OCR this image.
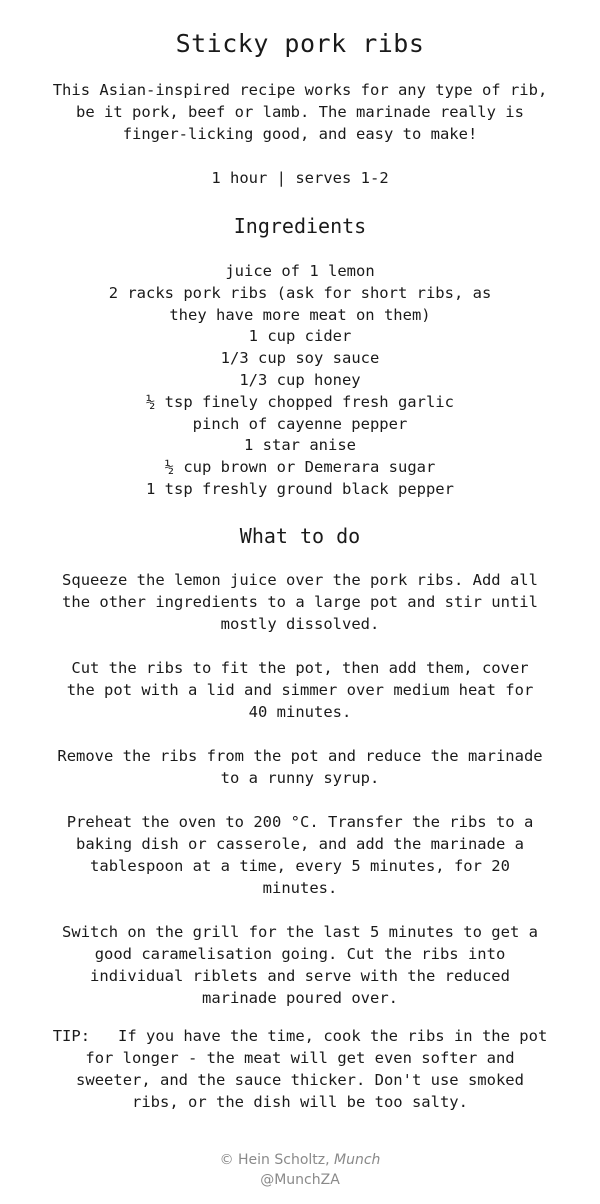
Sticky pork ribs

This Asian-inspired recipe works for any type of rib, be it pork, beef or lamb. The marinade really is finger-licking good, and easy to make!

1 hour | serves 1-2

Ingredients
juice of 1 lemon
2 racks pork ribs (ask for short ribs, as
they have more meat on them)
1 cup cider
1/3 cup soy sauce
1/3 cup honey
½ tsp finely chopped fresh garlic
pinch of cayenne pepper
1 star anise
½ cup brown or Demerara sugar
1 tsp freshly ground black pepper
What to do

Squeeze the lemon juice over the pork ribs. Add all the other ingredients to a large pot and stir until mostly dissolved.

Cut the ribs to fit the pot, then add them, cover the pot with a lid and simmer over medium heat for 40 minutes.

Remove the ribs from the pot and reduce the marinade to a runny syrup.

Preheat the oven to 200 °C. Transfer the ribs to a baking dish or casserole, and add the marinade a tablespoon at a time, every 5 minutes, for 20 minutes.

Switch on the grill for the last 5 minutes to get a good caramelisation going. Cut the ribs into individual riblets and serve with the reduced marinade poured over.

TIP: If you have the time, cook the ribs in the pot for longer - the meat will get even softer and sweeter, and the sauce thicker. Don't use smoked ribs, or the dish will be too salty.

© Hein Scholtz, Munch
@MunchZA
